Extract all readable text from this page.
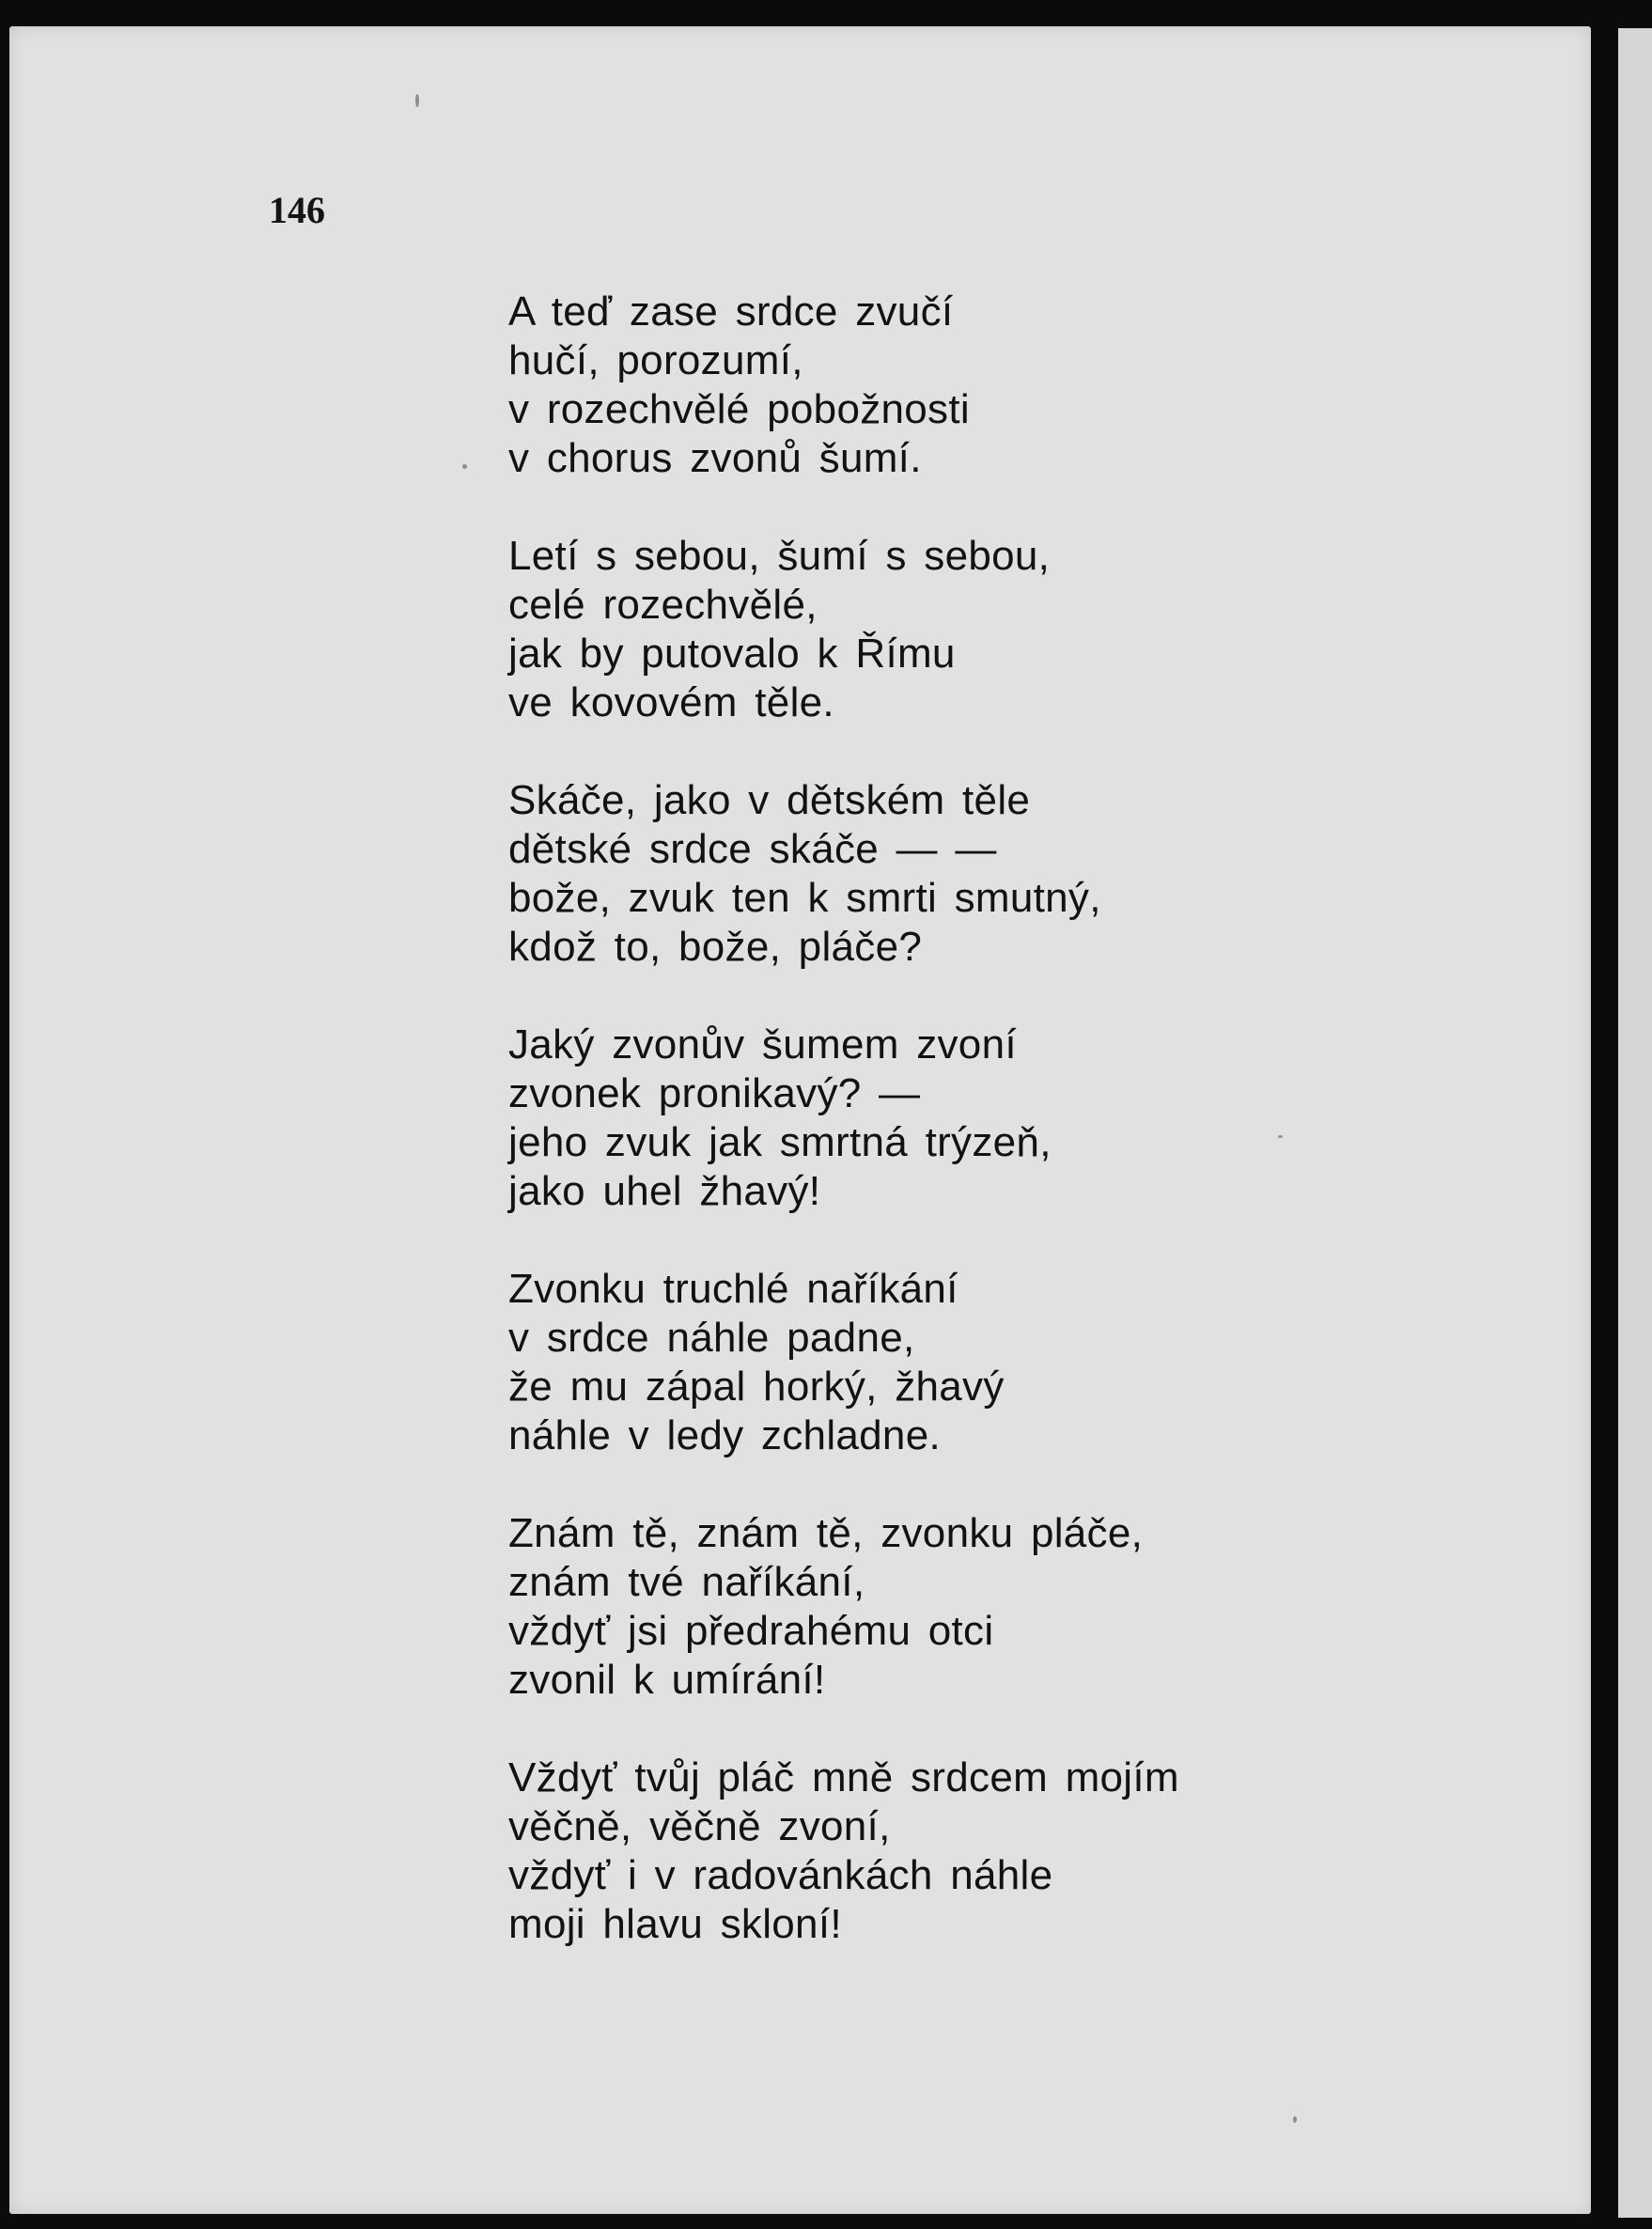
146
A teď zase srdce zvučí
hučí, porozumí,
v rozechvělé pobožnosti
v chorus zvonů šumí.
Letí s sebou, šumí s sebou,
celé rozechvělé,
jak by putovalo k Římu
ve kovovém těle.
Skáče, jako v dětském těle
dětské srdce skáče — —
bože, zvuk ten k smrti smutný,
kdož to, bože, pláče?
Jaký zvonův šumem zvoní
zvonek pronikavý? —
jeho zvuk jak smrtná trýzeň,
jako uhel žhavý!
Zvonku truchlé naříkání
v srdce náhle padne,
že mu zápal horký, žhavý
náhle v ledy zchladne.
Znám tě, znám tě, zvonku pláče,
znám tvé naříkání,
vždyť jsi předrahému otci
zvonil k umírání!
Vždyť tvůj pláč mně srdcem mojím
věčně, věčně zvoní,
vždyť i v radovánkách náhle
moji hlavu skloní!
